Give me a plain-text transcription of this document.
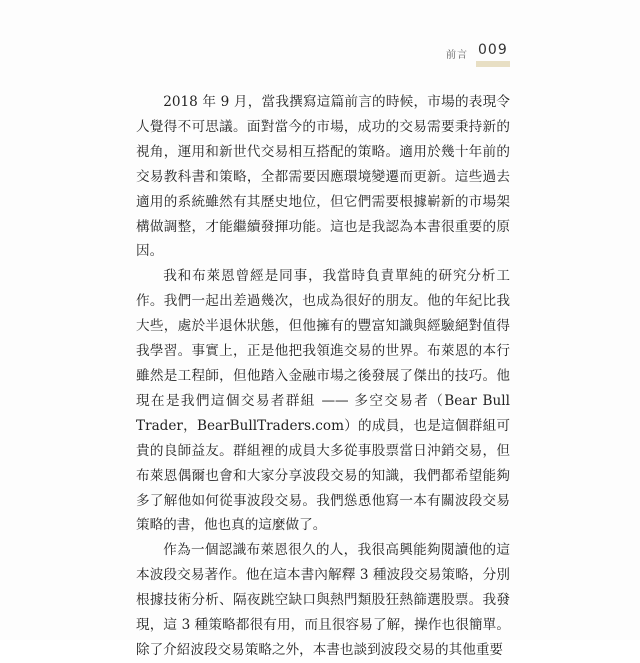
前言 009

2018 年 9 月，當我撰寫這篇前言的時候，市場的表現令人覺得不可思議。面對當今的市場，成功的交易需要秉持新的視角，運用和新世代交易相互搭配的策略。適用於幾十年前的交易教科書和策略，全都需要因應環境變遷而更新。這些過去適用的系統雖然有其歷史地位，但它們需要根據嶄新的市場架構做調整，才能繼續發揮功能。這也是我認為本書很重要的原因。

我和布萊恩曾經是同事，我當時負責單純的研究分析工作。我們一起出差過幾次，也成為很好的朋友。他的年紀比我大些，處於半退休狀態，但他擁有的豐富知識與經驗絕對值得我學習。事實上，正是他把我領進交易的世界。布萊恩的本行雖然是工程師，但他踏入金融市場之後發展了傑出的技巧。他現在是我們這個交易者群組 —— 多空交易者（Bear Bull Trader，BearBullTraders.com）的成員，也是這個群組可貴的良師益友。群組裡的成員大多從事股票當日沖銷交易，但布萊恩偶爾也會和大家分享波段交易的知識，我們都希望能夠多了解他如何從事波段交易。我們慫恿他寫一本有關波段交易策略的書，他也真的這麼做了。

作為一個認識布萊恩很久的人，我很高興能夠閱讀他的這本波段交易著作。他在這本書內解釋 3 種波段交易策略，分別根據技術分析、隔夜跳空缺口與熱門類股狂熱篩選股票。我發現，這 3 種策略都很有用，而且很容易了解，操作也很簡單。除了介紹波段交易策略之外，本書也談到波段交易的其他重要
